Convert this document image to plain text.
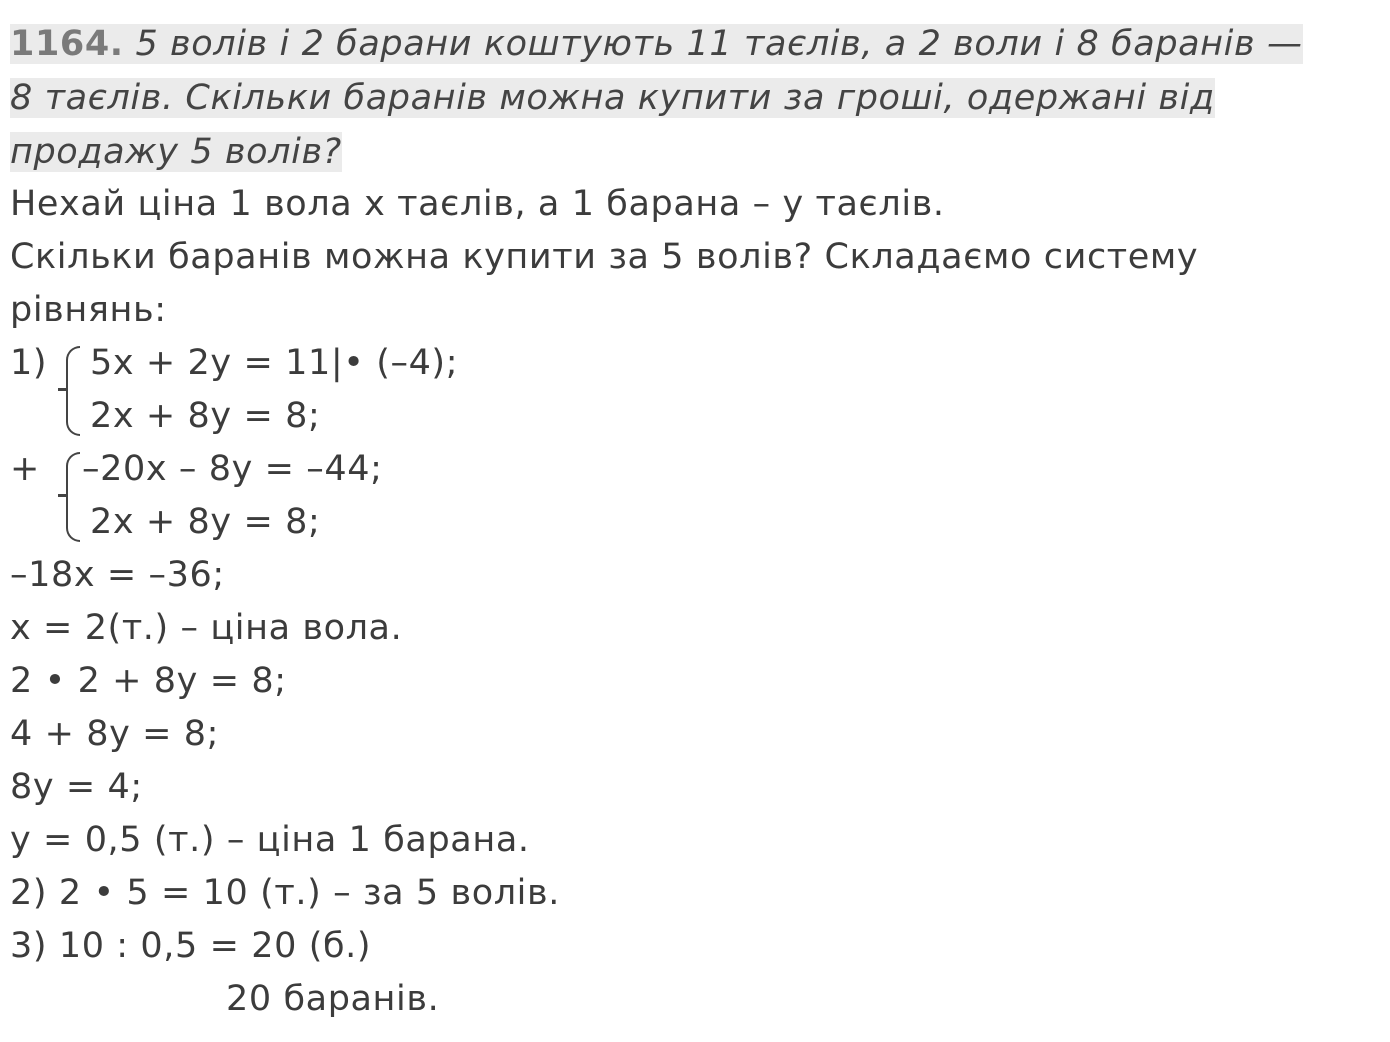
1164. 5 волів і 2 барани коштують 11 таєлів, а 2 воли і 8 баранів —
8 таєлів. Скільки баранів можна купити за гроші, одержані від
продажу 5 волів?
Нехай ціна 1 вола х таєлів, а 1 барана – у таєлів.
Скільки баранів можна купити за 5 волів? Складаємо систему
рівнянь:
1) 5x + 2y = 11|• (–4);
2x + 8y = 8;
+ –20x – 8y = –44;
2x + 8y = 8;
–18x = –36;
x = 2(т.) – ціна вола.
2 • 2 + 8y = 8;
4 + 8y = 8;
8y = 4;
y = 0,5 (т.) – ціна 1 барана.
2) 2 • 5 = 10 (т.) – за 5 волів.
3) 10 : 0,5 = 20 (б.)
20 баранів.
